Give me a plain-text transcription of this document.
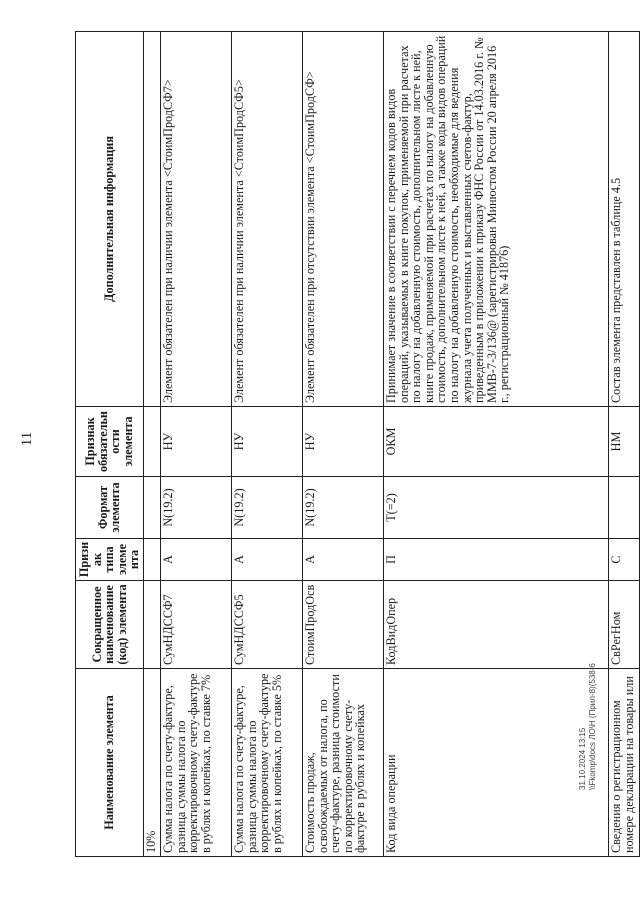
11
Наименование элемента	Сокращенное наименование (код) элемента	Признак типа элемента	Формат элемента	Признак обязательности элемента	Дополнительная информация
10%					
Сумма налога по счету-фактуре, разница суммы налога по корректировочному счету-фактуре в рублях и копейках, по ставке 7%	СумНДССФ7	А	N(19.2)	НУ	Элемент обязателен при наличии элемента <СтоимПродСФ7>
Сумма налога по счету-фактуре, разница суммы налога по корректировочному счету-фактуре в рублях и копейках, по ставке 5%	СумНДССФ5	А	N(19.2)	НУ	Элемент обязателен при наличии элемента <СтоимПродСФ5>
Стоимость продаж, освобождаемых от налога, по счету-фактуре, разница стоимости по корректировочному счету-фактуре в рублях и копейках	СтоимПродОсв	А	N(19.2)	НУ	Элемент обязателен при отсутствии элемента <СтоимПродСФ>
Код вида операции	КодВидОпер	П	T(=2)	ОКМ	Принимает значение в соответствии с перечнем кодов видов операций, указываемых в книге покупок, применяемой при расчетах по налогу на добавленную стоимость, дополнительном листе к ней, книге продаж, применяемой при расчетах по налогу на добавленную стоимость, дополнительном листе к ней, а также коды видов операций по налогу на добавленную стоимость, необходимые для ведения журнала учета полученных и выставленных счетов-фактур, приведенным в приложении к приказу ФНС России от 14.03.2016 г. № ММВ-7-3/136@ (зарегистрирован Минюстом России 20 апреля 2016 г., регистрационный № 41876)
Сведения о регистрационном номере декларации на товары или	СвРегНом	С		НМ	Состав элемента представлен в таблице 4.5
31.10.2024 13:15 \\Fkomp\docs ЛО\Н (Прил-8)(538-6
